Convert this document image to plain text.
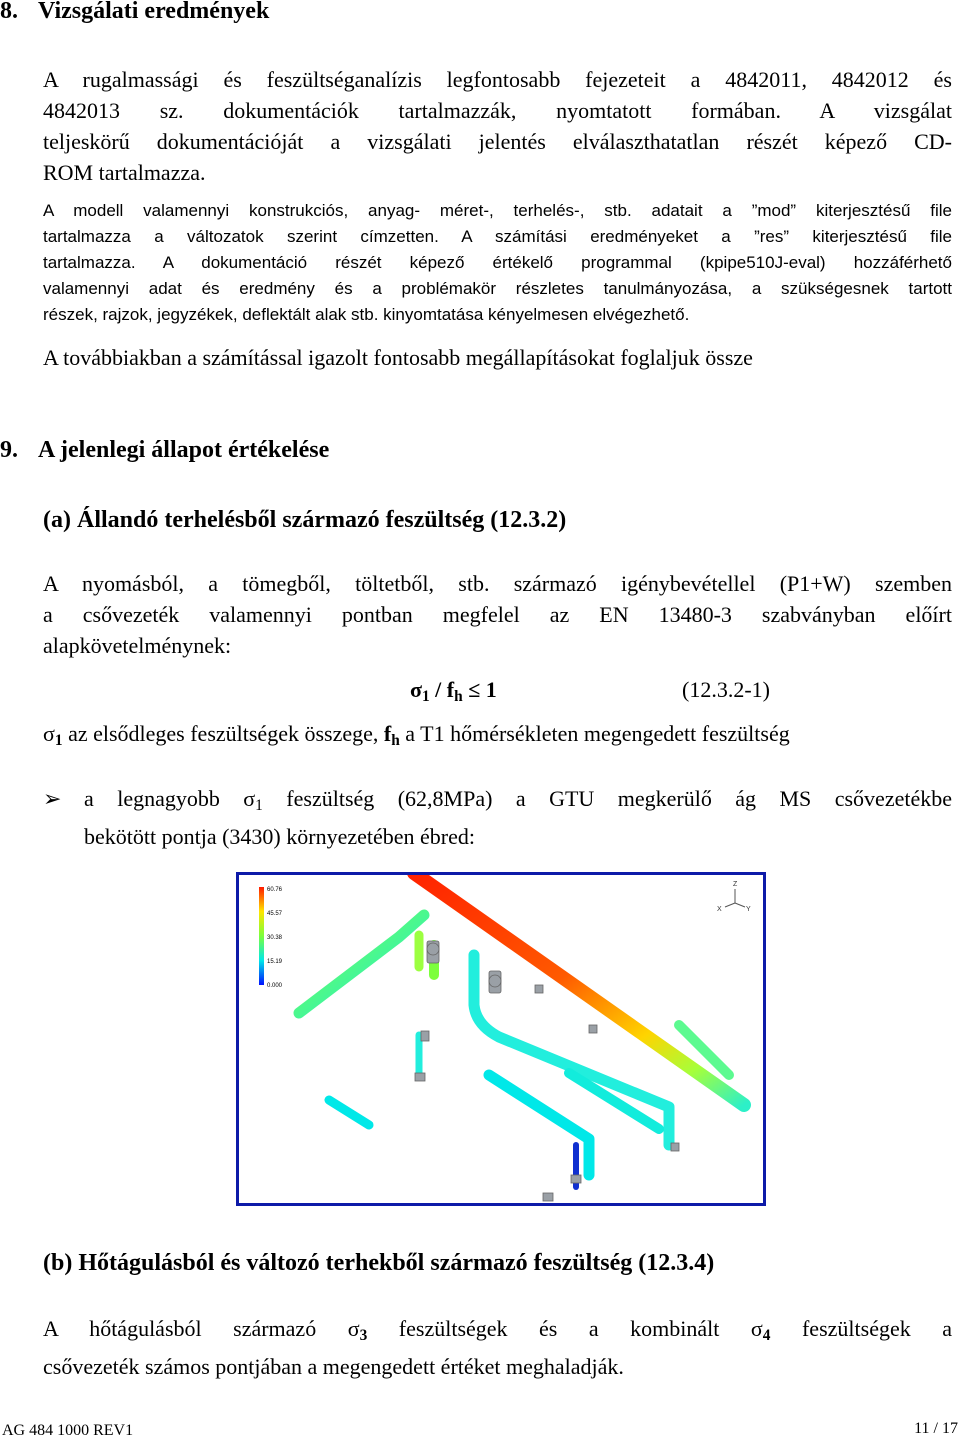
8. Vizsgálati eredmények
A rugalmassági és feszültséganalízis legfontosabb fejezeteit a 4842011, 4842012 és
4842013 sz. dokumentációk tartalmazzák, nyomtatott formában. A vizsgálat
teljeskörű dokumentációját a vizsgálati jelentés elválaszthatatlan részét képező CD-
ROM tartalmazza.
A modell valamennyi konstrukciós, anyag- méret-, terhelés-, stb. adatait a ”mod” kiterjesztésű file
tartalmazza a változatok szerint címzetten. A számítási eredményeket a ”res” kiterjesztésű file
tartalmazza. A dokumentáció részét képező értékelő programmal (kpipe510J-eval) hozzáférhető
valamennyi adat és eredmény és a problémakör részletes tanulmányozása, a szükségesnek tartott
részek, rajzok, jegyzékek, deflektált alak stb. kinyomtatása kényelmesen elvégezhető.
A továbbiakban a számítással igazolt fontosabb megállapításokat foglaljuk össze
9. A jelenlegi állapot értékelése
(a) Állandó terhelésből származó feszültség (12.3.2)
A nyomásból, a tömegből, töltetből, stb. származó igénybevétellel (P1+W) szemben
a csővezeték valamennyi pontban megfelel az EN 13480-3 szabványban előírt
alapkövetelménynek:
$\sigma_1 / f_h \le 1$	(12.3.2-1)
$\sigma_1$ az elsődleges feszültségek összege, $f_h$ a T1 hőmérsékleten megengedett feszültség
➢ a legnagyobb $\sigma_1$ feszültség (62,8MPa) a GTU megkerülő ág MS csővezetékbe
bekötött pontja (3430) környezetében ébred:
60.76
45.57
30.38
15.19
0.000
Z
X	Y
(b) Hőtágulásból és változó terhekből származó feszültség (12.3.4)
A hőtágulásból származó $\sigma_3$ feszültségek és a kombinált $\sigma_4$ feszültségek a
csővezeték számos pontjában a megengedett értéket meghaladják.
AG 484 1000 REV1	11 / 17
